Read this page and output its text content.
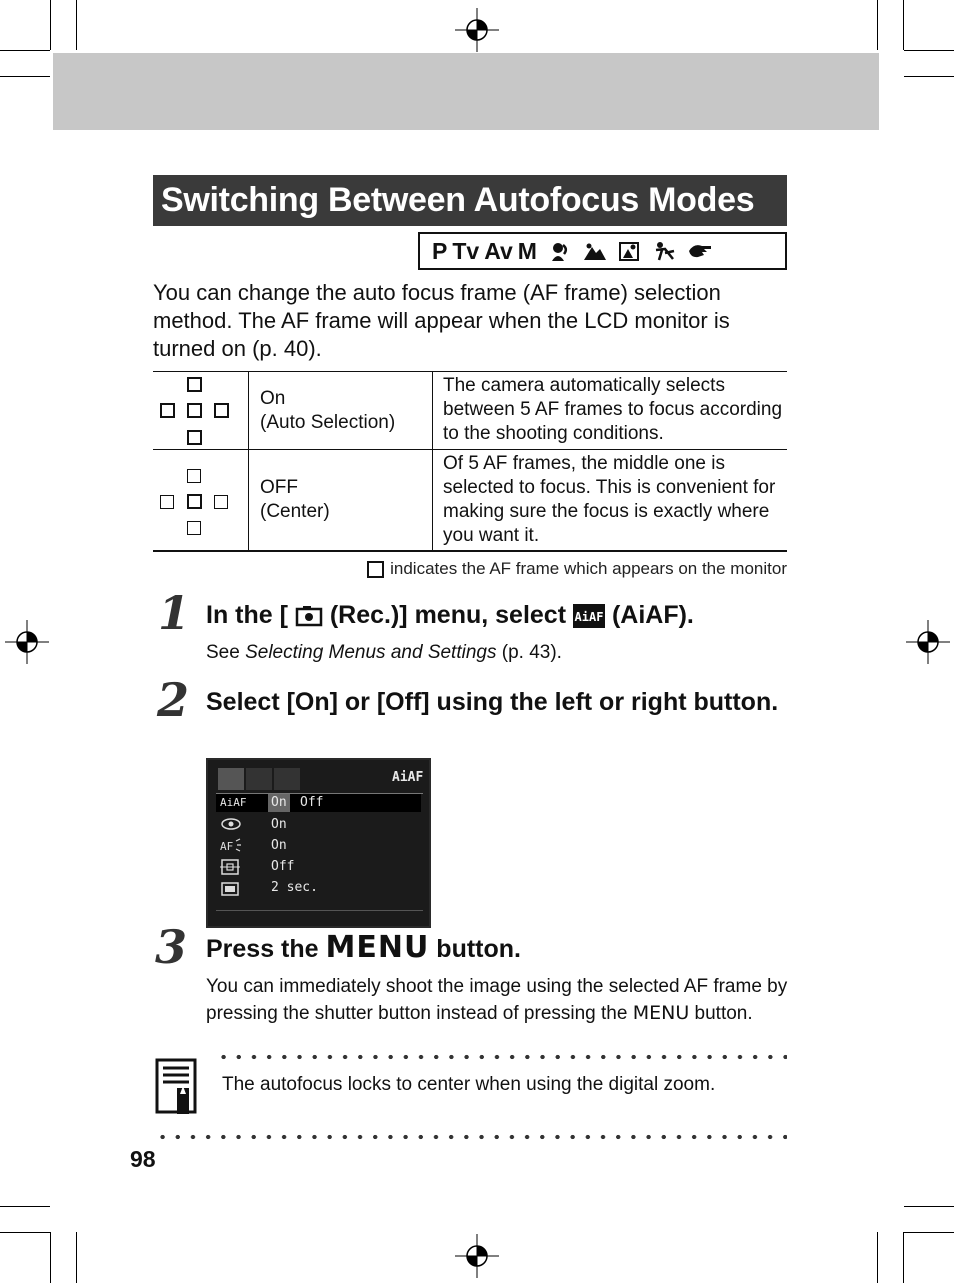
Switching Between Autofocus Modes
P Tv Av M
You can change the auto focus frame (AF frame) selection method. The AF frame will appear when the LCD monitor is turned on (p. 40).
On
(Auto Selection)
The camera automatically selects between 5 AF frames to focus according to the shooting conditions.
OFF
(Center)
Of 5 AF frames, the middle one is selected to focus. This is convenient for making sure the focus is exactly where you want it.
indicates the AF frame which appears on the monitor
1 In the [ (Rec.)] menu, select AiAF (AiAF).
See Selecting Menus and Settings (p. 43).
2 Select [On] or [Off] using the left or right button.
AiAF
AiAF On Off
On
AF	On
Off
2 sec.
3 Press the MENU button.
You can immediately shoot the image using the selected AF frame by pressing the shutter button instead of pressing the MENU button.
The autofocus locks to center when using the digital zoom.
98
